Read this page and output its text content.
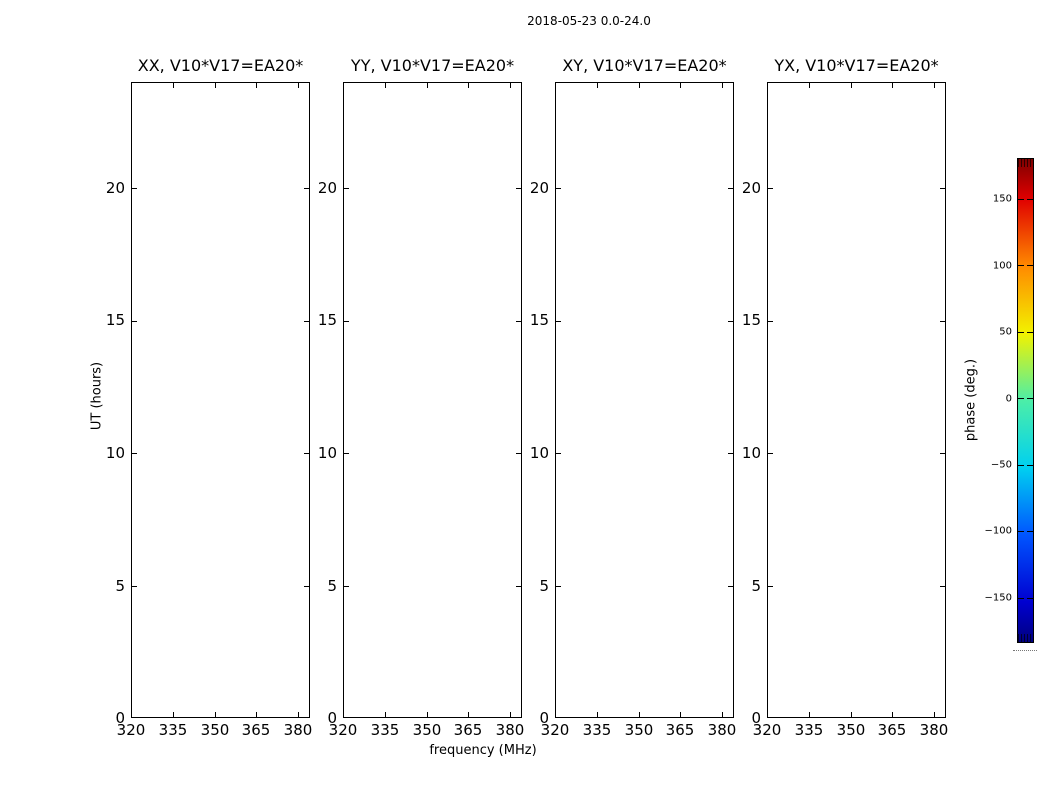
2018-05-23 0.0-24.0
XX, V10*V17=EA20*
320 335 350 365 380
20
15
10
5
0
YY, V10*V17=EA20*
320 335 350 365 380
20
15
10
5
0
XY, V10*V17=EA20*
320 335 350 365 380
20
15
10
5
0
YX, V10*V17=EA20*
320 335 350 365 380
20
15
10
5
0
UT (hours)
frequency (MHz)
150
100
50
0
−50
−100
−150
phase (deg.)
